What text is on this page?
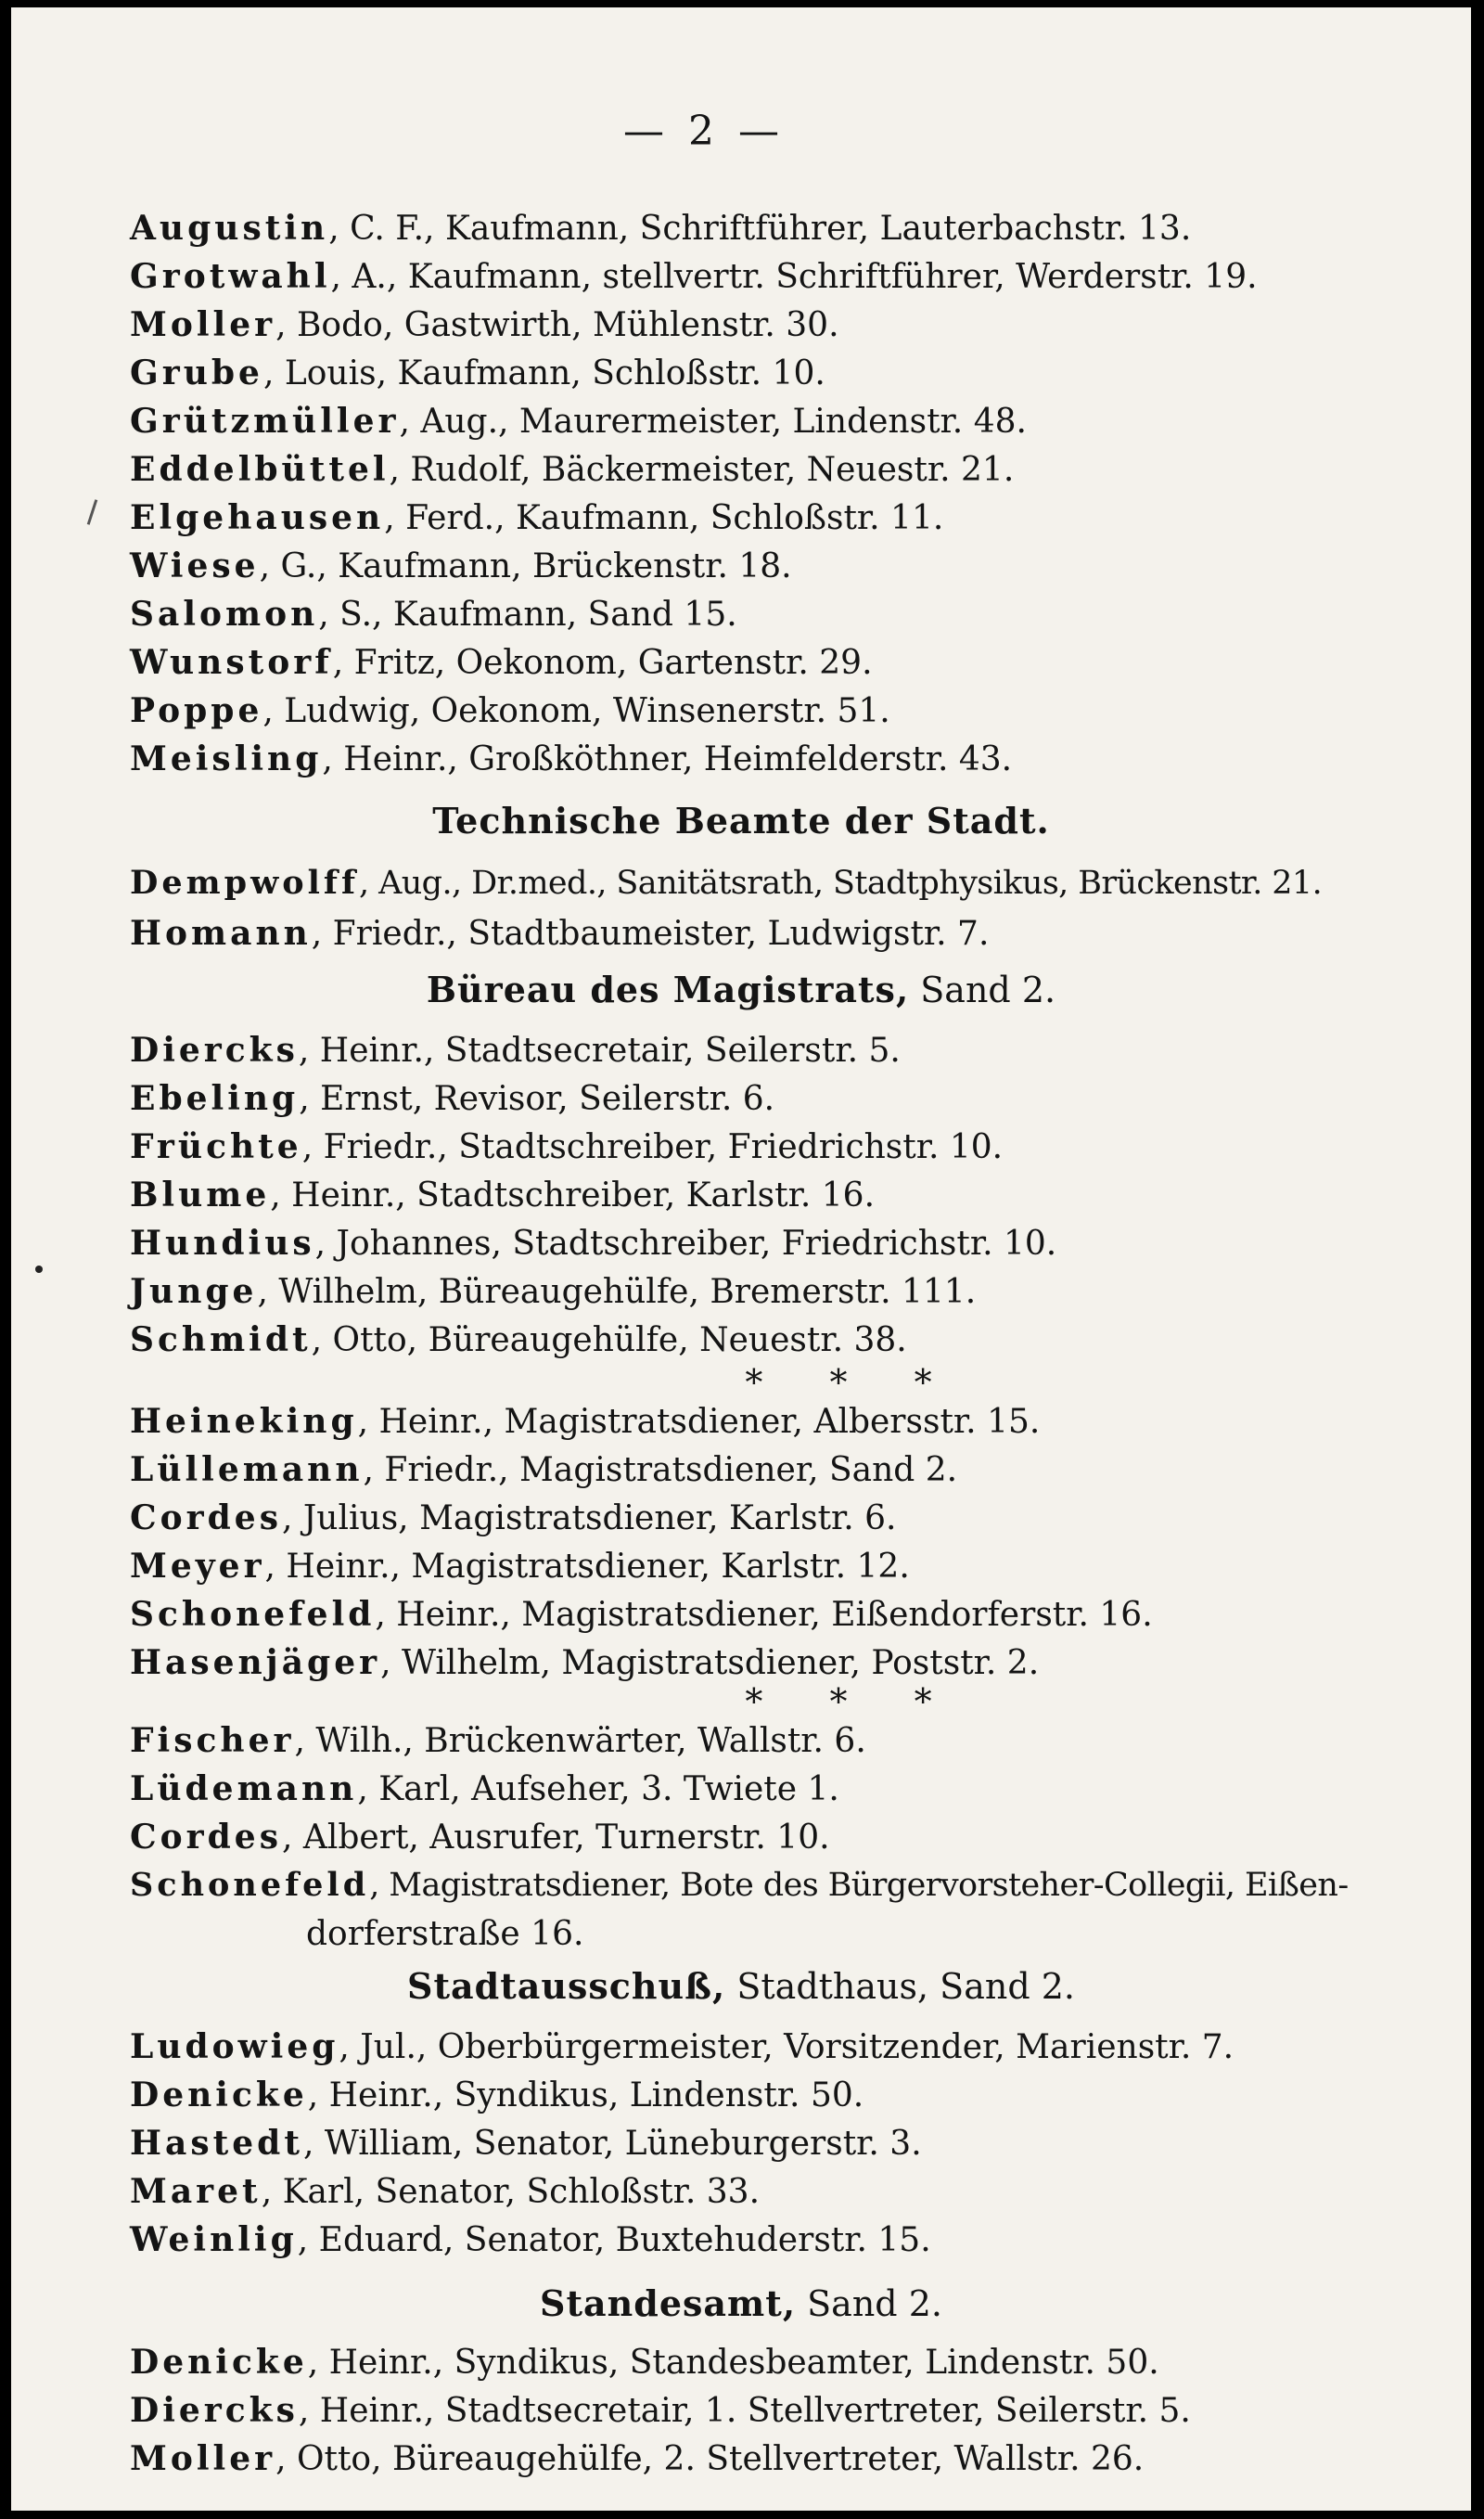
— 2 —
Augustin, C. F., Kaufmann, Schriftführer, Lauterbachstr. 13.
Grotwahl, A., Kaufmann, stellvertr. Schriftführer, Werderstr. 19.
Moller, Bodo, Gastwirth, Mühlenstr. 30.
Grube, Louis, Kaufmann, Schloßstr. 10.
Grützmüller, Aug., Maurermeister, Lindenstr. 48.
Eddelbüttel, Rudolf, Bäckermeister, Neuestr. 21.
Elgehausen, Ferd., Kaufmann, Schloßstr. 11.
Wiese, G., Kaufmann, Brückenstr. 18.
Salomon, S., Kaufmann, Sand 15.
Wunstorf, Fritz, Oekonom, Gartenstr. 29.
Poppe, Ludwig, Oekonom, Winsenerstr. 51.
Meisling, Heinr., Großköthner, Heimfelderstr. 43.
Technische Beamte der Stadt.
Dempwolff, Aug., Dr.med., Sanitätsrath, Stadtphysikus, Brückenstr. 21.
Homann, Friedr., Stadtbaumeister, Ludwigstr. 7.
Büreau des Magistrats, Sand 2.
Diercks, Heinr., Stadtsecretair, Seilerstr. 5.
Ebeling, Ernst, Revisor, Seilerstr. 6.
Früchte, Friedr., Stadtschreiber, Friedrichstr. 10.
Blume, Heinr., Stadtschreiber, Karlstr. 16.
Hundius, Johannes, Stadtschreiber, Friedrichstr. 10.
Junge, Wilhelm, Büreaugehülfe, Bremerstr. 111.
Schmidt, Otto, Büreaugehülfe, Neuestr. 38.
* * *
Heineking, Heinr., Magistratsdiener, Albersstr. 15.
Lüllemann, Friedr., Magistratsdiener, Sand 2.
Cordes, Julius, Magistratsdiener, Karlstr. 6.
Meyer, Heinr., Magistratsdiener, Karlstr. 12.
Schonefeld, Heinr., Magistratsdiener, Eißendorferstr. 16.
Hasenjäger, Wilhelm, Magistratsdiener, Poststr. 2.
* * *
Fischer, Wilh., Brückenwärter, Wallstr. 6.
Lüdemann, Karl, Aufseher, 3. Twiete 1.
Cordes, Albert, Ausrufer, Turnerstr. 10.
Schonefeld, Magistratsdiener, Bote des Bürgervorsteher-Collegii, Eißen-
dorferstraße 16.
Stadtausschuß, Stadthaus, Sand 2.
Ludowieg, Jul., Oberbürgermeister, Vorsitzender, Marienstr. 7.
Denicke, Heinr., Syndikus, Lindenstr. 50.
Hastedt, William, Senator, Lüneburgerstr. 3.
Maret, Karl, Senator, Schloßstr. 33.
Weinlig, Eduard, Senator, Buxtehuderstr. 15.
Standesamt, Sand 2.
Denicke, Heinr., Syndikus, Standesbeamter, Lindenstr. 50.
Diercks, Heinr., Stadtsecretair, 1. Stellvertreter, Seilerstr. 5.
Moller, Otto, Büreaugehülfe, 2. Stellvertreter, Wallstr. 26.
